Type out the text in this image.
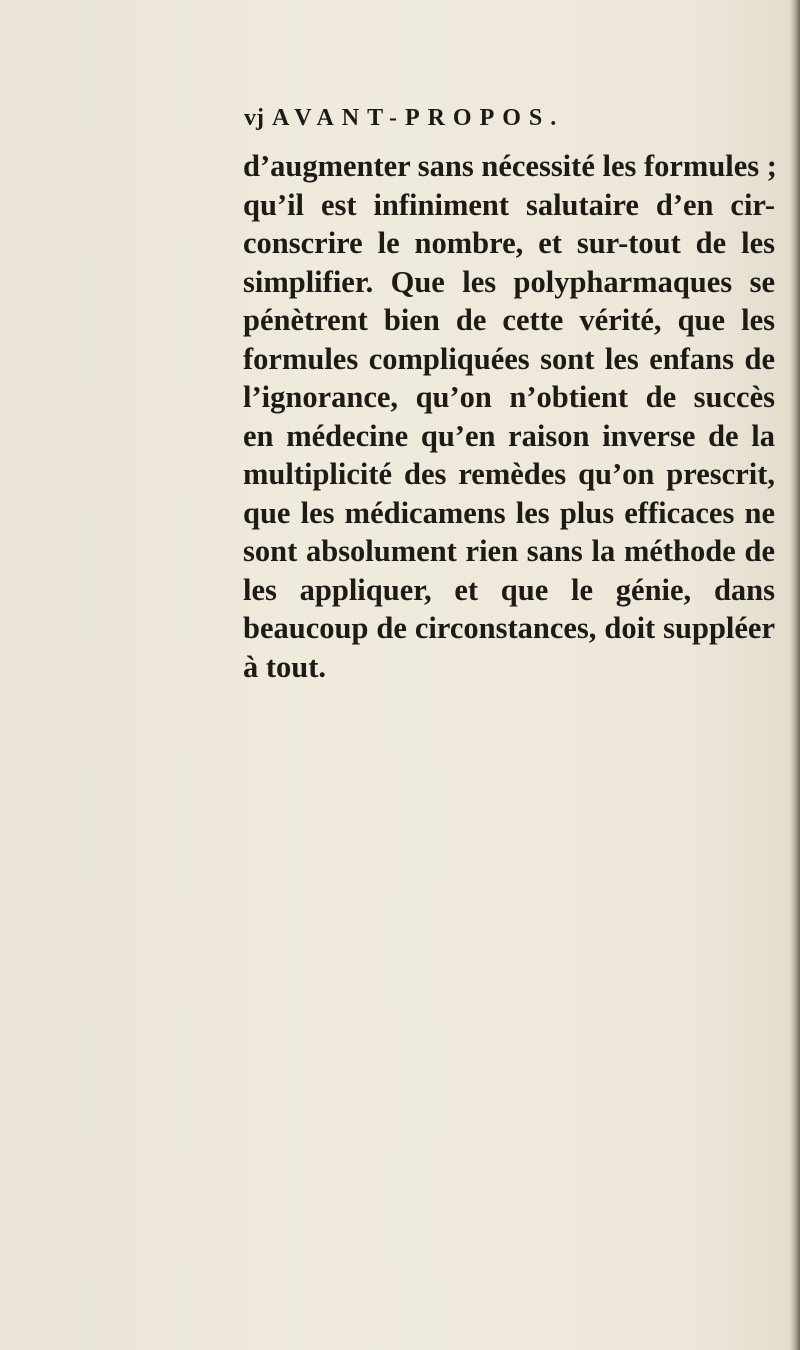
vj AVANT-PROPOS.
d’augmenter sans nécessité les formules ;
qu’il est infiniment salutaire d’en cir-
conscrire le nombre, et sur-tout de les
simplifier. Que les polypharmaques se
pénètrent bien de cette vérité, que les
formules compliquées sont les enfans de
l’ignorance, qu’on n’obtient de succès
en médecine qu’en raison inverse de la
multiplicité des remèdes qu’on prescrit,
que les médicamens les plus efficaces ne
sont absolument rien sans la méthode de
les appliquer, et que le génie, dans
beaucoup de circonstances, doit suppléer
à tout.
